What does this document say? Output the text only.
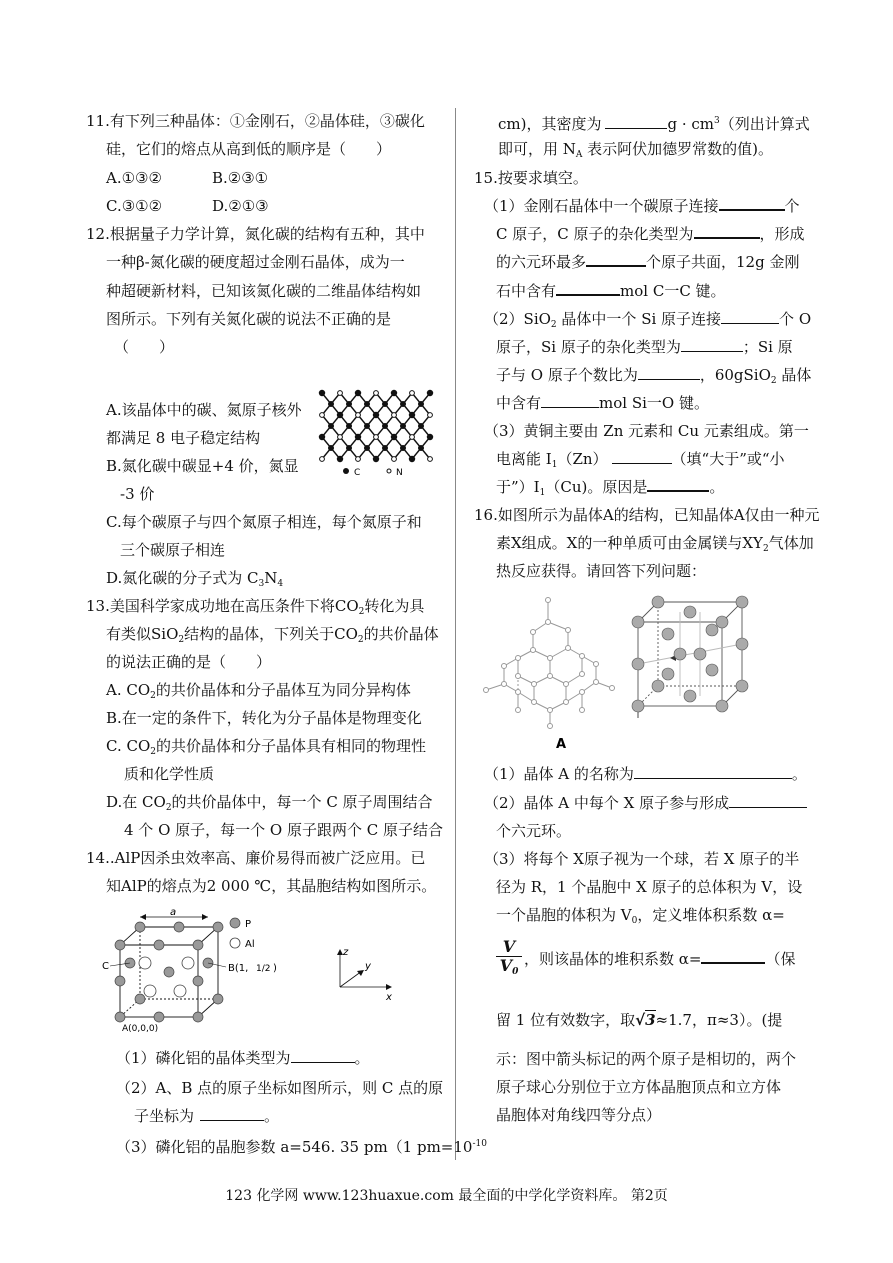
11.有下列三种晶体：①金刚石，②晶体硅，③碳化
硅，它们的熔点从高到低的顺序是（　　）
A.①③②	B.②③①
C.③①②	D.②①③
12.根据量子力学计算，氮化碳的结构有五种，其中
一种β-氮化碳的硬度超过金刚石晶体，成为一
种超硬新材料，已知该氮化碳的二维晶体结构如
图所示。下列有关氮化碳的说法不正确的是
（　　）
A.该晶体中的碳、氮原子核外
都满足 8 电子稳定结构
B.氮化碳中碳显+4 价，氮显
-3 价
C.每个碳原子与四个氮原子相连，每个氮原子和
三个碳原子相连
D.氮化碳的分子式为 $C_3N_4$
C	N
13.美国科学家成功地在高压条件下将$CO_2$转化为具
有类似SiO$_2$结构的晶体，下列关于$CO_2$的共价晶体
的说法正确的是（　　）
A. $CO_2$的共价晶体和分子晶体互为同分异构体
B.在一定的条件下，转化为分子晶体是物理变化
C. $CO_2$的共价晶体和分子晶体具有相同的物理性
质和化学性质
D.在 $CO_2$的共价晶体中，每一个 C 原子周围结合
4 个 O 原子，每一个 O 原子跟两个 C 原子结合
14..AlP因杀虫效率高、廉价易得而被广泛应用。已
知AlP的熔点为2 000 ℃，其晶胞结构如图所示。
a
P
Al
C	B(1, 1/2 )
A(0,0,0)
z
y
x
（1）磷化铝的晶体类型为	。
（2）A、B 点的原子坐标如图所示，则 C 点的原
子坐标为	。
（3）磷化铝的晶胞参数 a=546. 35 pm（1 $pm=10^{-10}$
cm)，其密度为	$g \cdot cm^3$（列出计算式
即可，用 $N_A$ 表示阿伏加德罗常数的值)。
15.按要求填空。
（1）金刚石晶体中一个碳原子连接	个
C 原子，C 原子的杂化类型为	，形成
的六元环最多	个原子共面，12g 金刚
石中含有	mol C一C 键。
（2）SiO$_2$ 晶体中一个 Si 原子连接	个 O
原子，Si 原子的杂化类型为	；Si 原
子与 O 原子个数比为	，60gSiO$_2$ 晶体
中含有	mol Si一O 键。
（3）黄铜主要由 Zn 元素和 Cu 元素组成。第一
电离能 $I_1(Zn)$	（填“大于”或“小
于$”)I_1(Cu)$。原因是	。
16.如图所示为晶体A的结构，已知晶体A仅由一种元
素X组成。X的一种单质可由金属镁与$XY_2$气体加
热反应获得。请回答下列问题：
A
（1）晶体 A 的名称为	。
（2）晶体 A 中每个 X 原子参与形成
个六元环。
（3）将每个 X原子视为一个球，若 X 原子的半
径为 R，1 个晶胞中 X 原子的总体积为 V，设
一个晶胞的体积为 $V_0$，定义堆体积系数 α=
$\frac{V}{V_0}$ ，则该晶体的堆积系数 α=	（保
留 1 位有效数字，取√3≈1.7，π≈3）。(提
示：图中箭头标记的两个原子是相切的，两个
原子球心分别位于立方体晶胞顶点和立方体
晶胞体对角线四等分点）
123 化学网 www.123huaxue.com 最全面的中学化学资料库。 第2页
